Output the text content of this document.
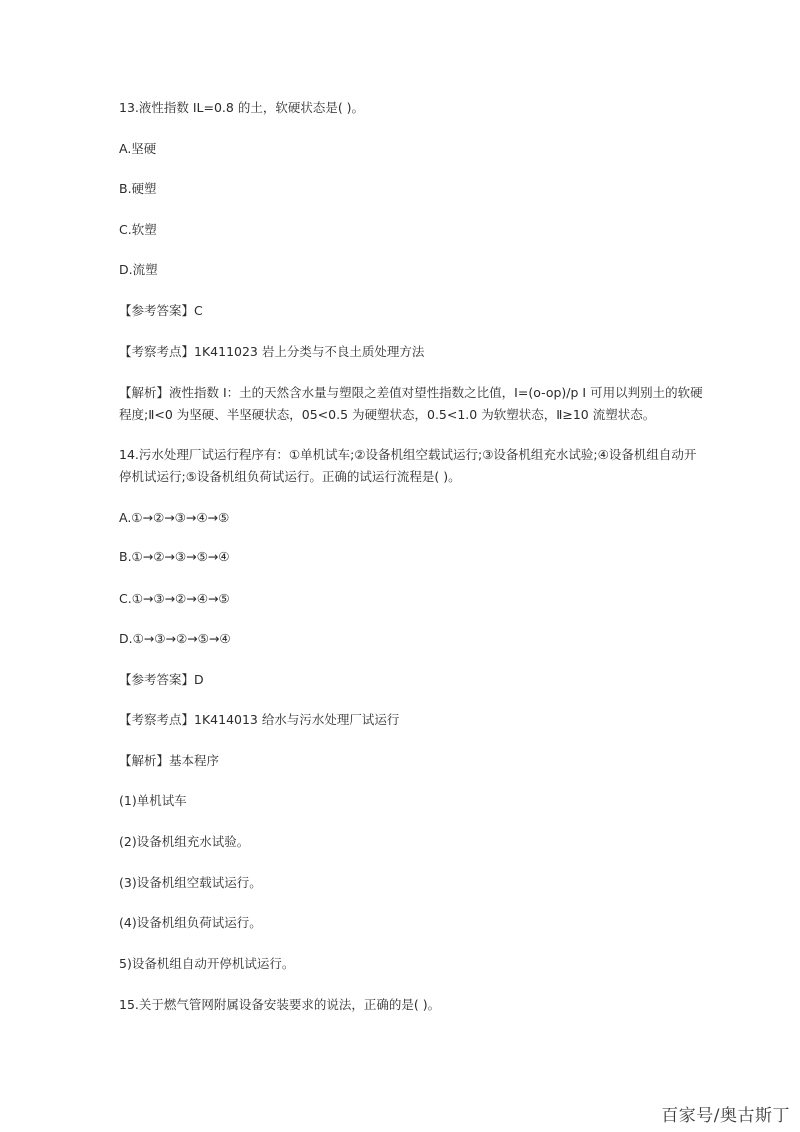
13.液性指数 IL=0.8 的土，软硬状态是( )。
A.坚硬
B.硬塑
C.软塑
D.流塑
【参考答案】C
【考察考点】1K411023 岩上分类与不良土质处理方法
【解析】液性指数 I：土的天然含水量与塑限之差值对望性指数之比值，I=(o-op)/p I 可用以判别土的软硬
程度;Ⅱ<0 为坚硬、半坚硬状态，05<0.5 为硬塑状态，0.5<1.0 为软塑状态，Ⅱ≥10 流塑状态。
14.污水处理厂试运行程序有：①单机试车;②设备机组空载试运行;③设备机组充水试验;④设备机组自动开
停机试运行;⑤设备机组负荷试运行。正确的试运行流程是( )。
A.①→②→③→④→⑤
B.①→②→③→⑤→④
C.①→③→②→④→⑤
D.①→③→②→⑤→④
【参考答案】D
【考察考点】1K414013 给水与污水处理厂试运行
【解析】基本程序
(1)单机试车
(2)设备机组充水试验。
(3)设备机组空载试运行。
(4)设备机组负荷试运行。
5)设备机组自动开停机试运行。
15.关于燃气管网附属设备安装要求的说法，正确的是( )。
百家号/奥古斯丁
